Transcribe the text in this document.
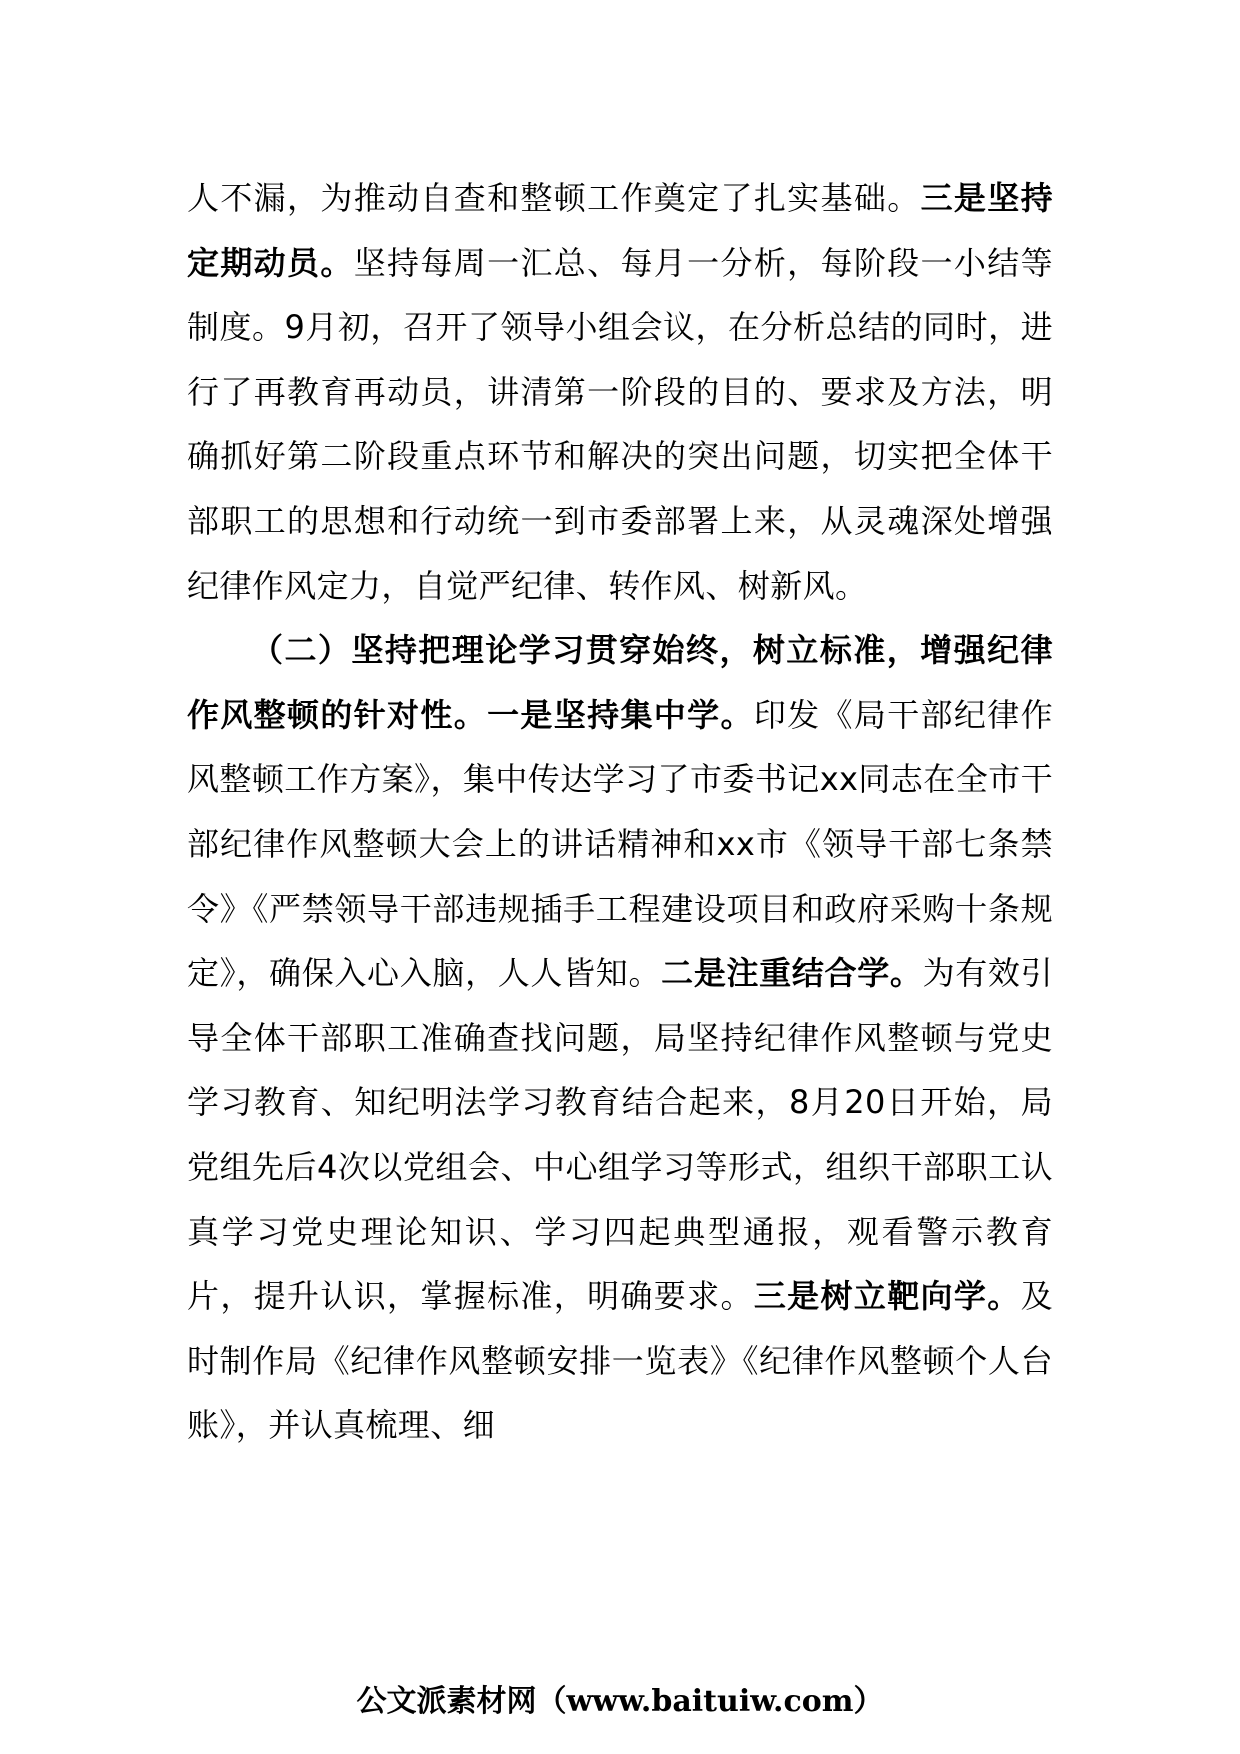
人不漏，为推动自查和整顿工作奠定了扎实基础。三是坚持定期动员。坚持每周一汇总、每月一分析，每阶段一小结等制度。9月初，召开了领导小组会议，在分析总结的同时，进行了再教育再动员，讲清第一阶段的目的、要求及方法，明确抓好第二阶段重点环节和解决的突出问题，切实把全体干部职工的思想和行动统一到市委部署上来，从灵魂深处增强纪律作风定力，自觉严纪律、转作风、树新风。

（二）坚持把理论学习贯穿始终，树立标准，增强纪律作风整顿的针对性。一是坚持集中学。印发《局干部纪律作风整顿工作方案》，集中传达学习了市委书记xx同志在全市干部纪律作风整顿大会上的讲话精神和xx市《领导干部七条禁令》《严禁领导干部违规插手工程建设项目和政府采购十条规定》，确保入心入脑，人人皆知。二是注重结合学。为有效引导全体干部职工准确查找问题，局坚持纪律作风整顿与党史学习教育、知纪明法学习教育结合起来，8月20日开始，局党组先后4次以党组会、中心组学习等形式，组织干部职工认真学习党史理论知识、学习四起典型通报，观看警示教育片，提升认识，掌握标准，明确要求。三是树立靶向学。及时制作局《纪律作风整顿安排一览表》《纪律作风整顿个人台账》，并认真梳理、细

公文派素材网（www.baituiw.com）
